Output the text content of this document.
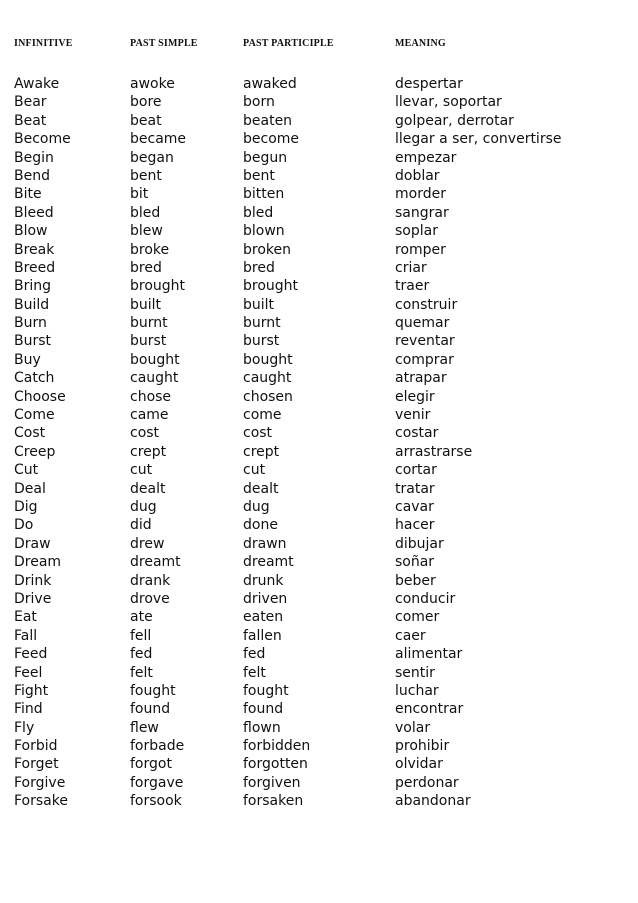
INFINITIVE	PAST SIMPLE	PAST PARTICIPLE	MEANING
Awake	awoke	awaked	despertar
Bear	bore	born	llevar, soportar
Beat	beat	beaten	golpear, derrotar
Become	became	become	llegar a ser, convertirse
Begin	began	begun	empezar
Bend	bent	bent	doblar
Bite	bit	bitten	morder
Bleed	bled	bled	sangrar
Blow	blew	blown	soplar
Break	broke	broken	romper
Breed	bred	bred	criar
Bring	brought	brought	traer
Build	built	built	construir
Burn	burnt	burnt	quemar
Burst	burst	burst	reventar
Buy	bought	bought	comprar
Catch	caught	caught	atrapar
Choose	chose	chosen	elegir
Come	came	come	venir
Cost	cost	cost	costar
Creep	crept	crept	arrastrarse
Cut	cut	cut	cortar
Deal	dealt	dealt	tratar
Dig	dug	dug	cavar
Do	did	done	hacer
Draw	drew	drawn	dibujar
Dream	dreamt	dreamt	soñar
Drink	drank	drunk	beber
Drive	drove	driven	conducir
Eat	ate	eaten	comer
Fall	fell	fallen	caer
Feed	fed	fed	alimentar
Feel	felt	felt	sentir
Fight	fought	fought	luchar
Find	found	found	encontrar
Fly	flew	flown	volar
Forbid	forbade	forbidden	prohibir
Forget	forgot	forgotten	olvidar
Forgive	forgave	forgiven	perdonar
Forsake	forsook	forsaken	abandonar
